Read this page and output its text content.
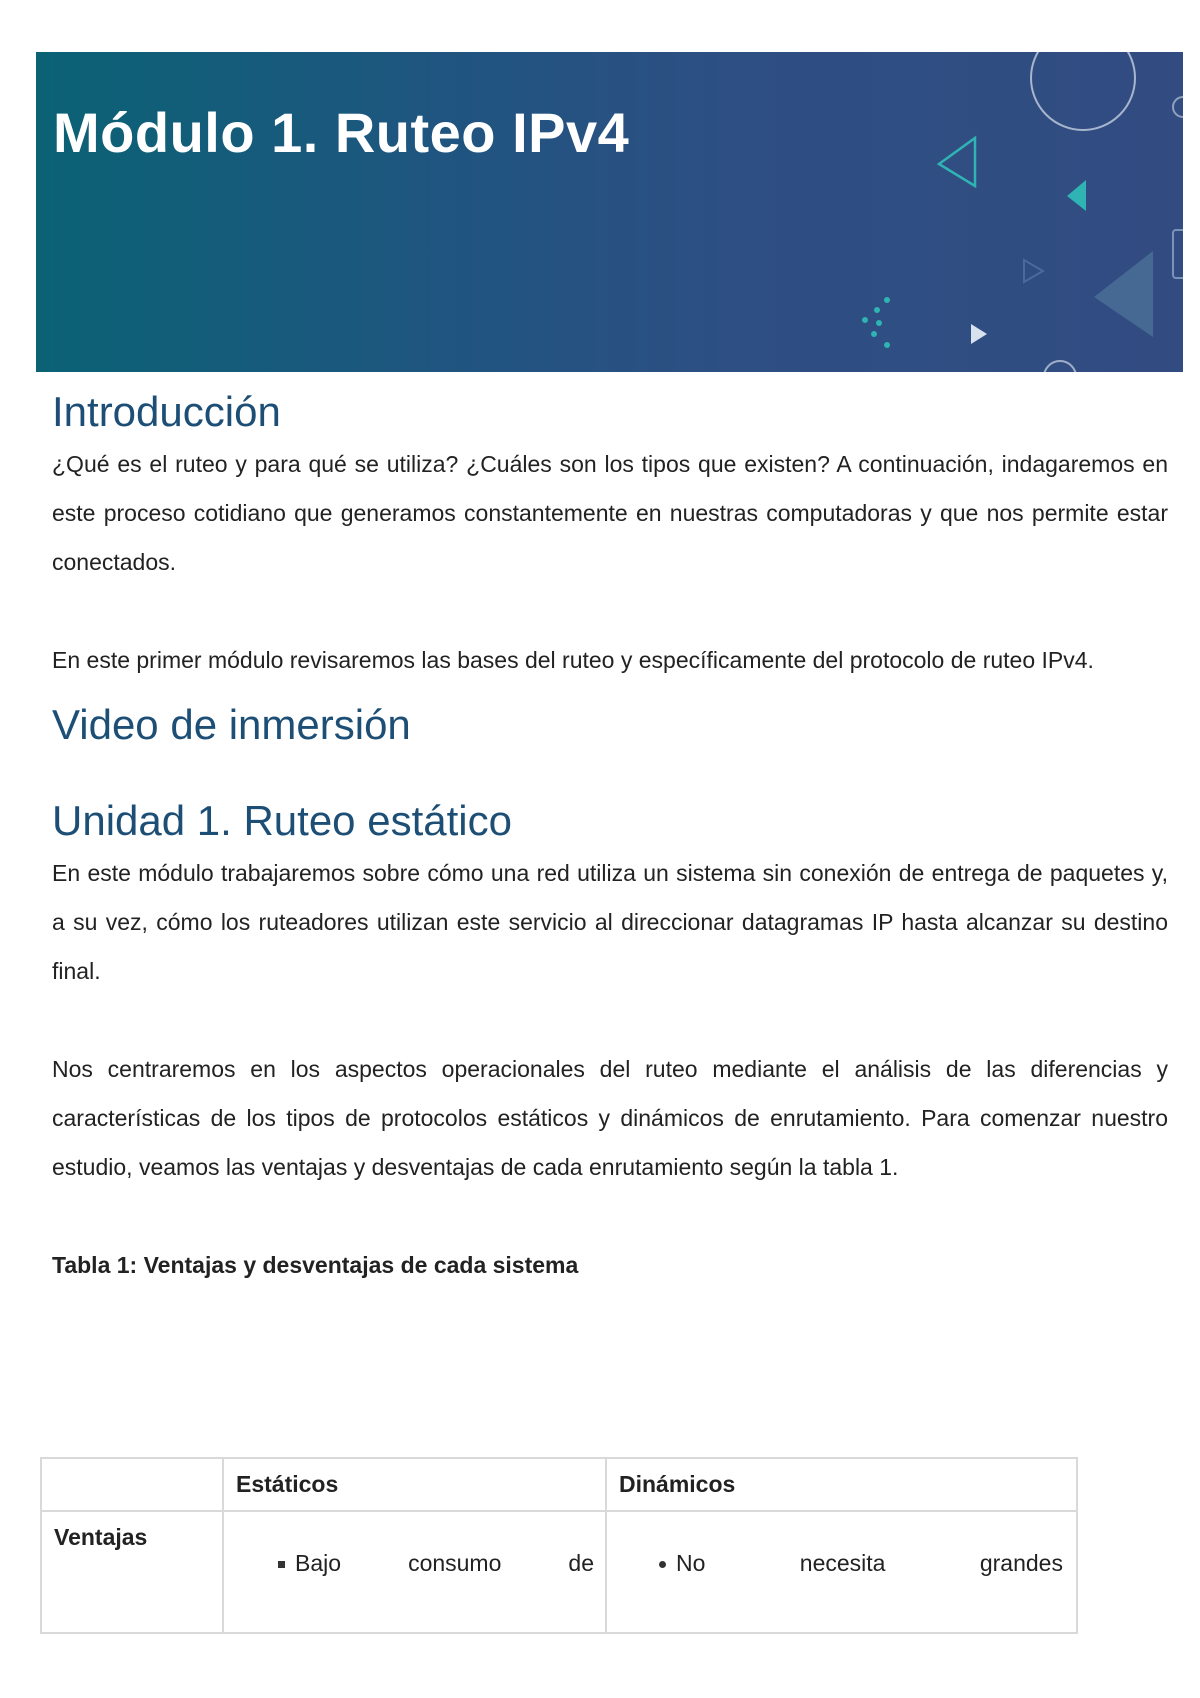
Módulo 1. Ruteo IPv4
Introducción

¿Qué es el ruteo y para qué se utiliza? ¿Cuáles son los tipos que existen? A continuación, indagaremos en este proceso cotidiano que generamos constantemente en nuestras computadoras y que nos permite estar conectados.

En este primer módulo revisaremos las bases del ruteo y específicamente del protocolo de ruteo IPv4.

Video de inmersión
Unidad 1. Ruteo estático

En este módulo trabajaremos sobre cómo una red utiliza un sistema sin conexión de entrega de paquetes y, a su vez, cómo los ruteadores utilizan este servicio al direccionar datagramas IP hasta alcanzar su destino final.

Nos centraremos en los aspectos operacionales del ruteo mediante el análisis de las diferencias y características de los tipos de protocolos estáticos y dinámicos de enrutamiento. Para comenzar nuestro estudio, veamos las ventajas y desventajas de cada enrutamiento según la tabla 1.

Tabla 1: Ventajas y desventajas de cada sistema

	Estáticos	Dinámicos
Ventajas	Bajo consumo de	No necesita grandes
